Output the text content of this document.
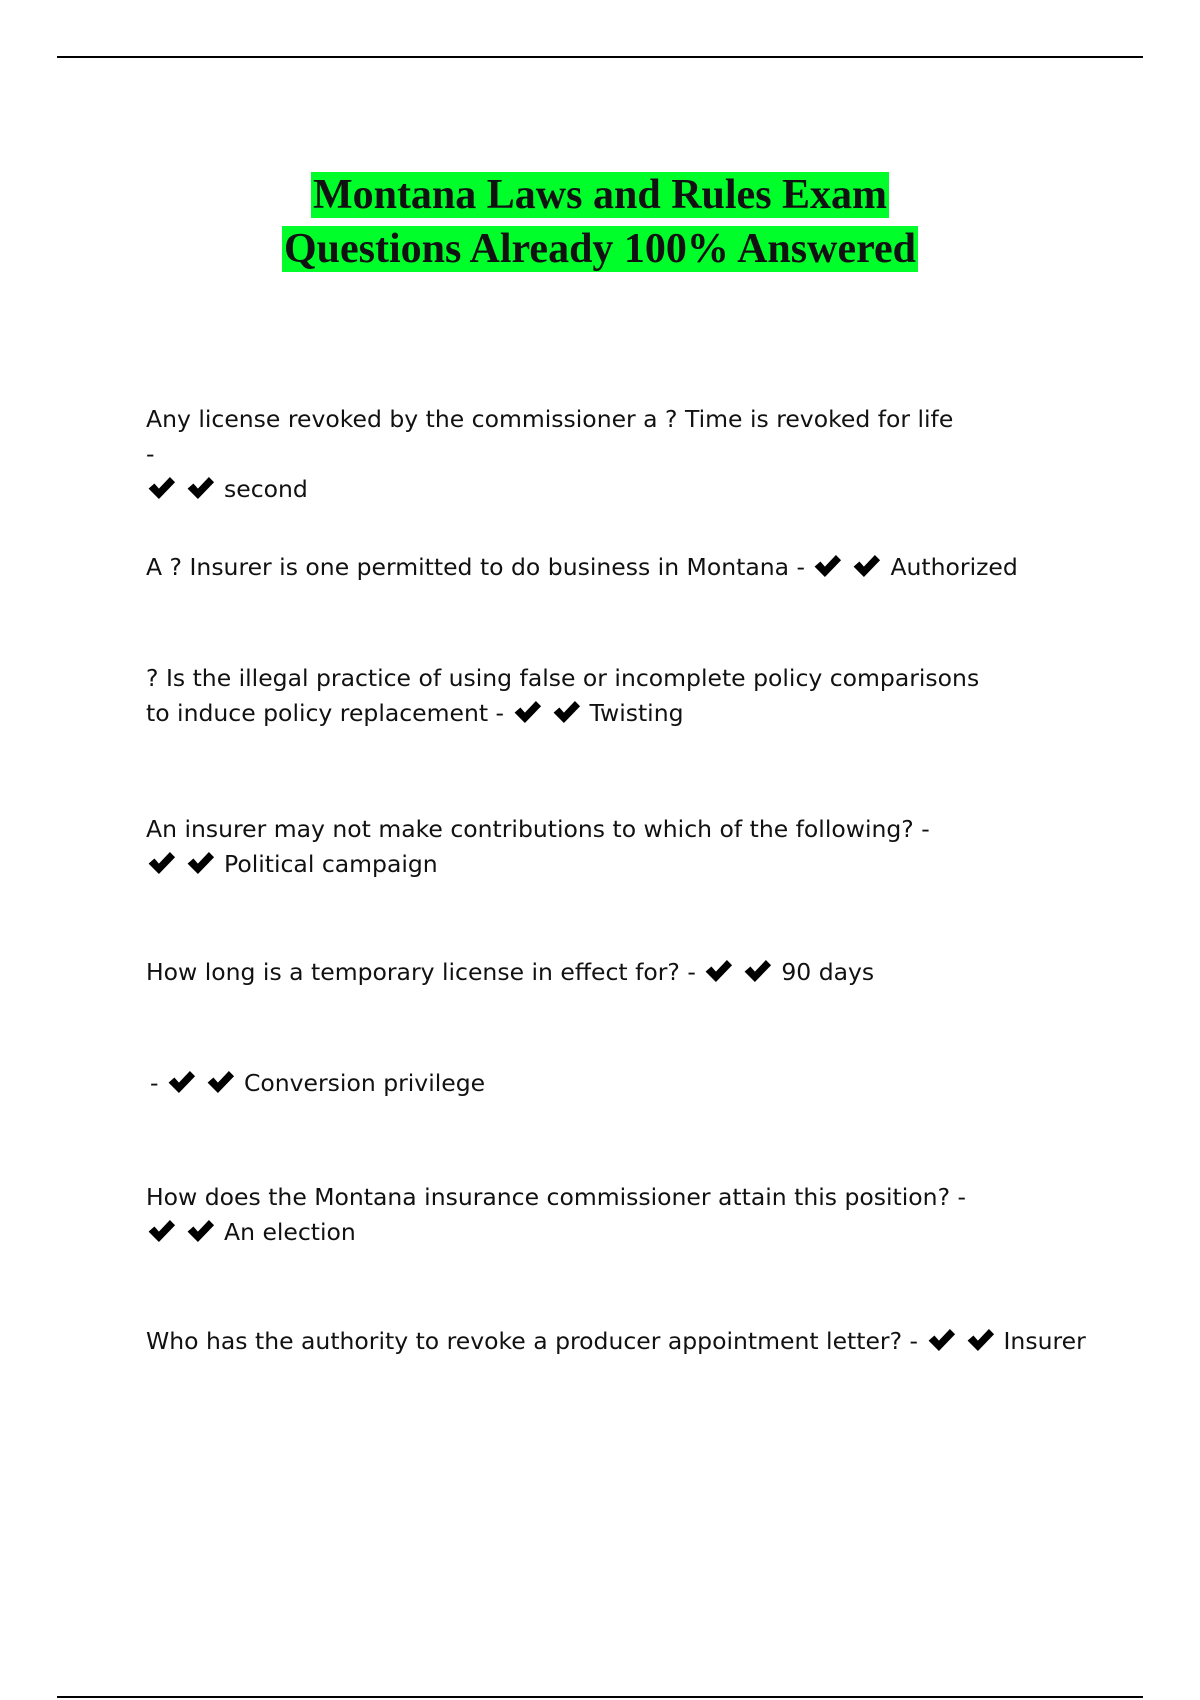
Montana Laws and Rules Exam
Questions Already 100% Answered

Any license revoked by the commissioner a ? Time is revoked for life -

second

A ? Insurer is one permitted to do business in Montana -	Authorized

? Is the illegal practice of using false or incomplete policy comparisons to induce policy replacement -	Twisting

An insurer may not make contributions to which of the following? -

Political campaign

How long is a temporary license in effect for? -	90 days

-	Conversion privilege

How does the Montana insurance commissioner attain this position? -

An election

Who has the authority to revoke a producer appointment letter? -	Insurer
